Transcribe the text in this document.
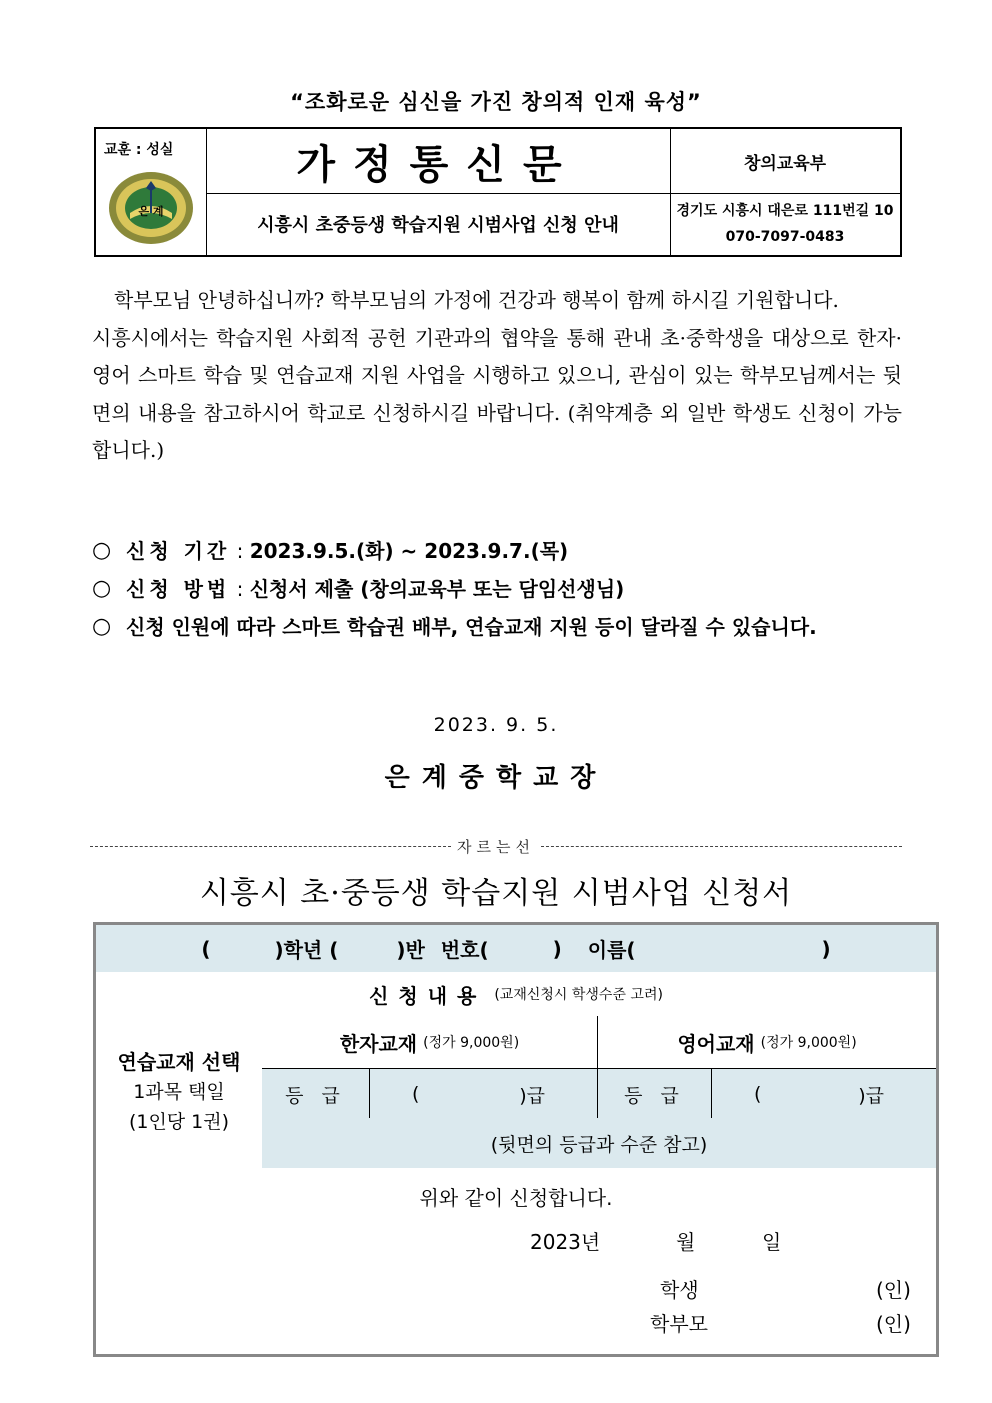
“조화로운 심신을 가진 창의적 인재 육성”
교훈 : 성실
은 계
가정통신문
시흥시 초중등생 학습지원 시범사업 신청 안내
창의교육부
경기도 시흥시 대은로 111번길 10
070-7097-0483

학부모님 안녕하십니까? 학부모님의 가정에 건강과 행복이 함께 하시길 기원합니다.

시흥시에서는 학습지원 사회적 공헌 기관과의 협약을 통해 관내 초·중학생을 대상으로 한자·영어 스마트 학습 및 연습교재 지원 사업을 시행하고 있으니, 관심이 있는 학부모님께서는 뒷면의 내용을 참고하시어 학교로 신청하시길 바랍니다. (취약계층 외 일반 학생도 신청이 가능합니다.)

○ 신청 기간 : 2023.9.5.(화) ~ 2023.9.7.(목)
○ 신청 방법 : 신청서 제출 (창의교육부 또는 담임선생님)
○ 신청 인원에 따라 스마트 학습권 배부, 연습교재 지원 등이 달라질 수 있습니다.
2023. 9. 5.
은계중학교장
자르는선
시흥시 초·중등생 학습지원 시범사업 신청서
(	)학년 (	)반 번호(	) 이름(	)
신청내용 (교재신청시 학생수준 고려)
연습교재 선택
1과목 택일
(1인당 1권)
한자교재 (정가 9,000원)
등 급	(	)급
영어교재 (정가 9,000원)
등 급	(	)급
(뒷면의 등급과 수준 참고)
위와 같이 신청합니다.
2023년	월	일
학생	(인)
학부모	(인)
